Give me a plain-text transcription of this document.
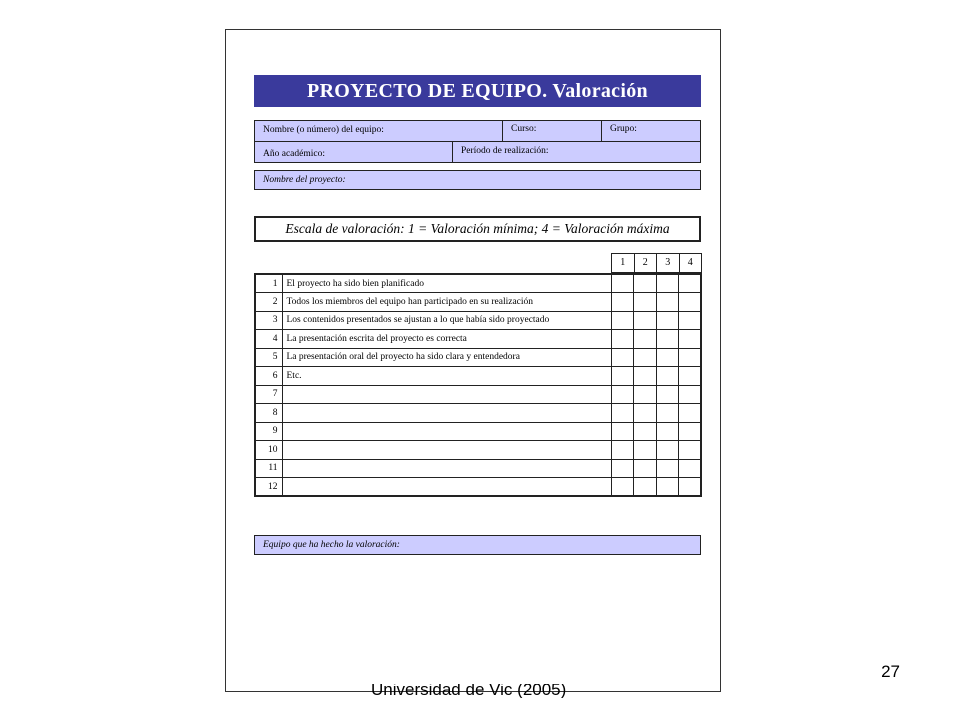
PROYECTO DE EQUIPO. Valoración
Nombre (o número) del equipo:	Curso:	Grupo:
Año académico:	Período de realización:
Nombre del proyecto:
Escala de valoración: 1 = Valoración mínima; 4 = Valoración máxima
1	2	3	4
1	El proyecto ha sido bien planificado				
2	Todos los miembros del equipo han participado en su realización				
3	Los contenidos presentados se ajustan a lo que había sido proyectado				
4	La presentación escrita del proyecto es correcta				
5	La presentación oral del proyecto ha sido clara y entendedora				
6	Etc.				
7					
8					
9					
10					
11					
12					
Equipo que ha hecho la valoración:
Universidad de Vic (2005)
27
